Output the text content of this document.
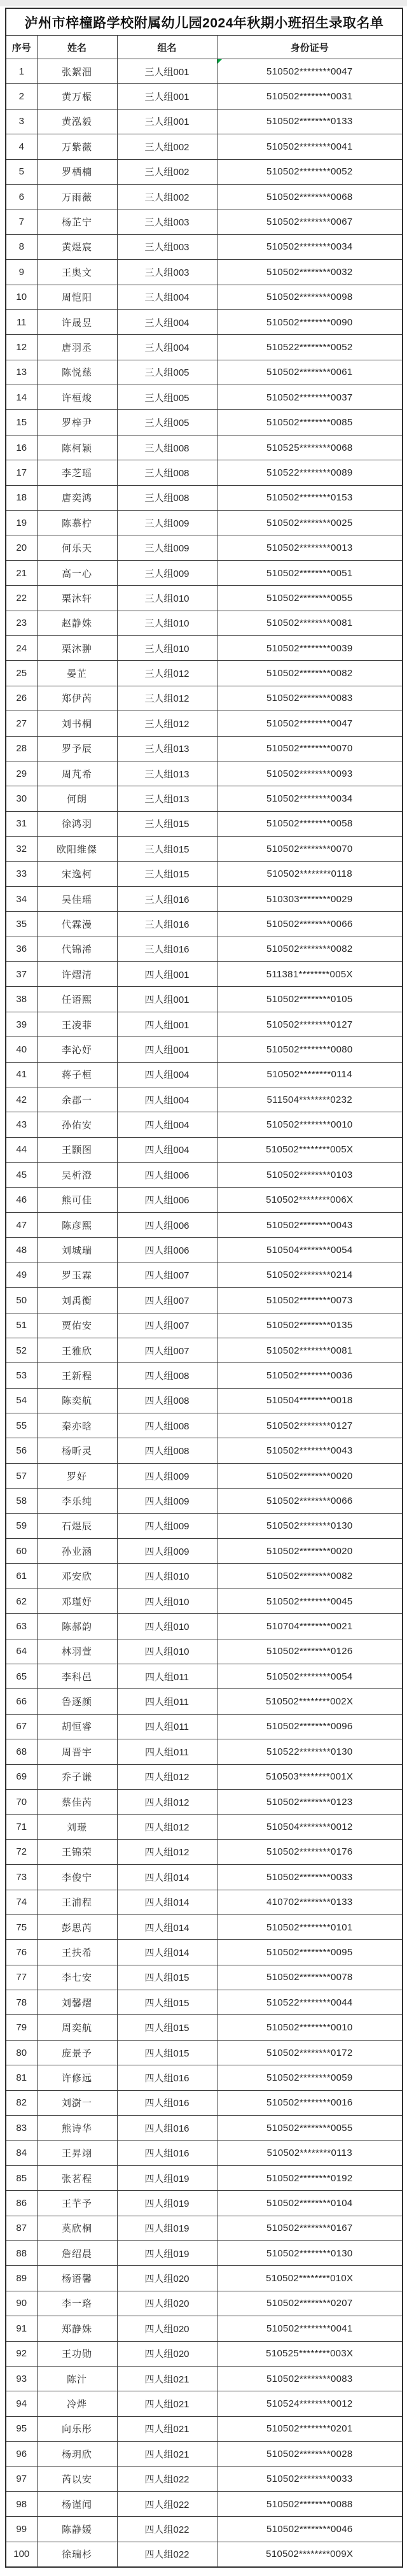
泸州市梓橦路学校附属幼儿园2024年秋期小班招生录取名单			
序号	姓名	组名	身份证号
1	张絮沺	三人组001	510502********0047
2	黄万桭	三人组001	510502********0031
3	黄泓毅	三人组001	510502********0133
4	万紫薇	三人组002	510502********0041
5	罗栖楠	三人组002	510502********0052
6	万雨薇	三人组002	510502********0068
7	杨芷宁	三人组003	510502********0067
8	黄煜宸	三人组003	510502********0034
9	王奥文	三人组003	510502********0032
10	周恺阳	三人组004	510502********0098
11	许晟昱	三人组004	510502********0090
12	唐羽丞	三人组004	510522********0052
13	陈悦慈	三人组005	510502********0061
14	许桓焌	三人组005	510502********0037
15	罗梓尹	三人组005	510502********0085
16	陈柯颖	三人组008	510525********0068
17	李芝瑶	三人组008	510522********0089
18	唐奕鸿	三人组008	510502********0153
19	陈慕柠	三人组009	510502********0025
20	何乐天	三人组009	510502********0013
21	高一心	三人组009	510502********0051
22	栗沐轩	三人组010	510502********0055
23	赵静姝	三人组010	510502********0081
24	栗沐翀	三人组010	510502********0039
25	晏芷	三人组012	510502********0082
26	郑伊芮	三人组012	510502********0083
27	刘书桐	三人组012	510502********0047
28	罗予辰	三人组013	510502********0070
29	周芃希	三人组013	510502********0093
30	何朗	三人组013	510502********0034
31	徐鸿羽	三人组015	510502********0058
32	欧阳维傑	三人组015	510502********0070
33	宋逸柯	三人组015	510502********0118
34	吴佳瑶	三人组016	510303********0029
35	代霖漫	三人组016	510502********0066
36	代锦浠	三人组016	510502********0082
37	许熠清	四人组001	511381********005X
38	任语熙	四人组001	510502********0105
39	王凌菲	四人组001	510502********0127
40	李沁妤	四人组001	510502********0080
41	蒋子桓	四人组004	510502********0114
42	余郡一	四人组004	511504********0232
43	孙佑安	四人组004	510502********0010
44	王颢图	四人组004	510502********005X
45	吴析澄	四人组006	510502********0103
46	熊可佳	四人组006	510502********006X
47	陈彦熙	四人组006	510502********0043
48	刘城瑞	四人组006	510504********0054
49	罗玉霖	四人组007	510502********0214
50	刘禹衡	四人组007	510502********0073
51	贾佑安	四人组007	510502********0135
52	王雅欣	四人组007	510502********0081
53	王新程	四人组008	510502********0036
54	陈奕航	四人组008	510504********0018
55	秦亦晗	四人组008	510502********0127
56	杨昕灵	四人组008	510502********0043
57	罗好	四人组009	510502********0020
58	李乐纯	四人组009	510502********0066
59	石煜辰	四人组009	510502********0130
60	孙业涵	四人组009	510502********0020
61	邓安欣	四人组010	510502********0082
62	邓瑾妤	四人组010	510502********0045
63	陈郝韵	四人组010	510704********0021
64	林羽萱	四人组010	510502********0126
65	李科邑	四人组011	510502********0054
66	鲁逐颜	四人组011	510502********002X
67	胡恒睿	四人组011	510502********0096
68	周晋宇	四人组011	510522********0130
69	乔子谦	四人组012	510503********001X
70	蔡佳芮	四人组012	510502********0123
71	刘璟	四人组012	510504********0012
72	王锦荣	四人组012	510502********0176
73	李俊宁	四人组014	510502********0033
74	王浦程	四人组014	410702********0133
75	彭思芮	四人组014	510502********0101
76	王扶希	四人组014	510502********0095
77	李七安	四人组015	510502********0078
78	刘馨熠	四人组015	510522********0044
79	周奕航	四人组015	510502********0010
80	庞景予	四人组015	510502********0172
81	许修远	四人组016	510502********0059
82	刘澍一	四人组016	510502********0016
83	熊诗华	四人组016	510502********0055
84	王昇翊	四人组016	510502********0113
85	张茗程	四人组019	510502********0192
86	王芊予	四人组019	510502********0104
87	莫欣桐	四人组019	510502********0167
88	詹绍晨	四人组019	510502********0130
89	杨语馨	四人组020	510502********010X
90	李一珞	四人组020	510502********0207
91	郑静姝	四人组020	510502********0041
92	王功勋	四人组020	510525********003X
93	陈汁	四人组021	510502********0083
94	冷烨	四人组021	510524********0012
95	向乐彤	四人组021	510502********0201
96	杨玥欣	四人组021	510502********0028
97	芮以安	四人组022	510502********0033
98	杨谨闻	四人组022	510502********0088
99	陈静媛	四人组022	510502********0046
100	徐瑞杉	四人组022	510502********009X
